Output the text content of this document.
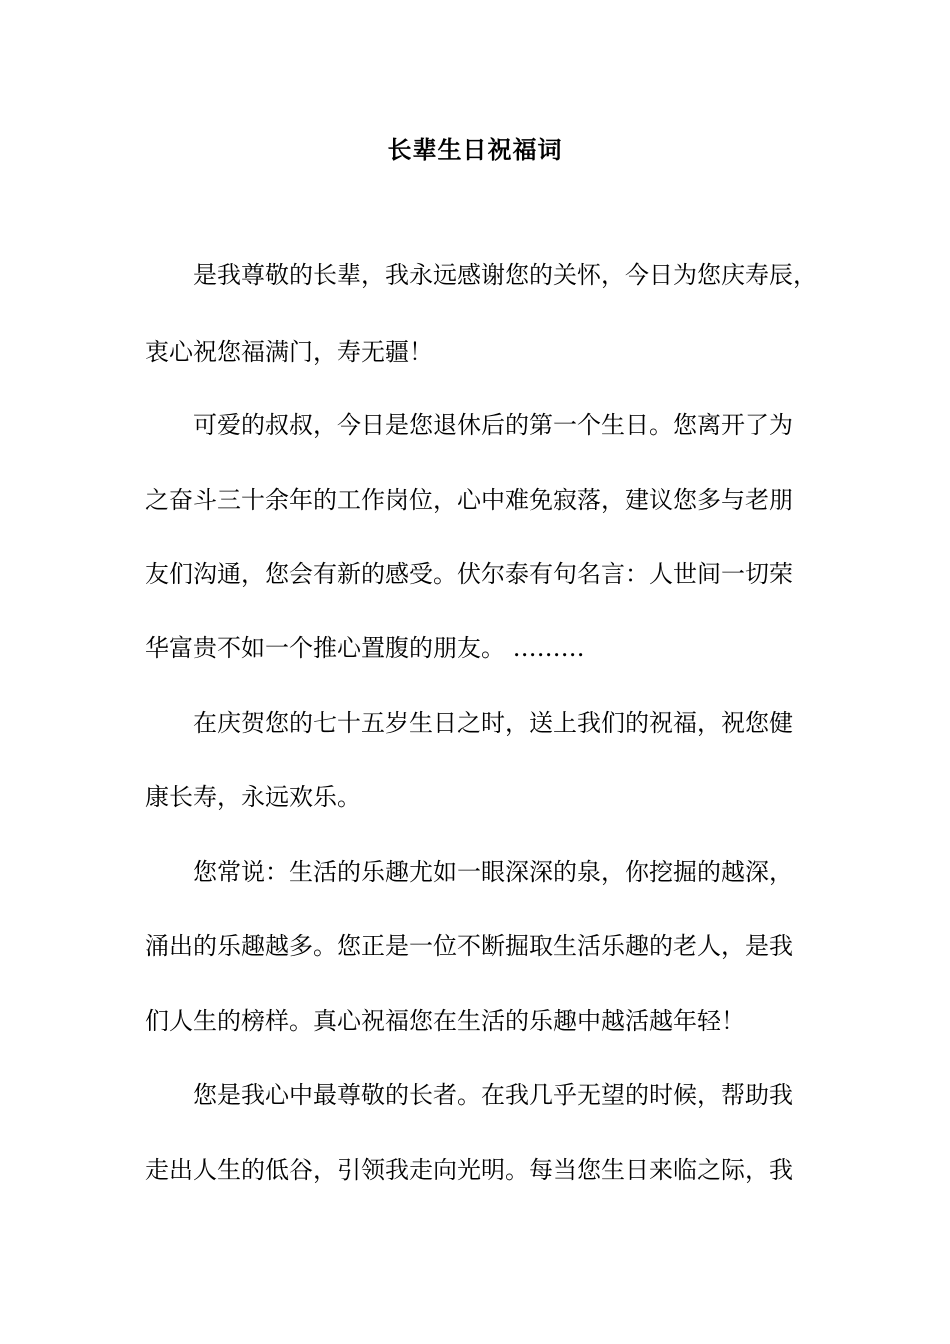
长辈生日祝福词
是我尊敬的长辈，我永远感谢您的关怀，今日为您庆寿辰，
衷心祝您福满门，寿无疆！
可爱的叔叔，今日是您退休后的第一个生日。您离开了为
之奋斗三十余年的工作岗位，心中难免寂落，建议您多与老朋
友们沟通，您会有新的感受。伏尔泰有句名言：人世间一切荣
华富贵不如一个推心置腹的朋友。 ………
在庆贺您的七十五岁生日之时，送上我们的祝福，祝您健
康长寿，永远欢乐。
您常说：生活的乐趣尤如一眼深深的泉，你挖掘的越深，
涌出的乐趣越多。您正是一位不断掘取生活乐趣的老人，是我
们人生的榜样。真心祝福您在生活的乐趣中越活越年轻！
您是我心中最尊敬的长者。在我几乎无望的时候，帮助我
走出人生的低谷，引领我走向光明。每当您生日来临之际，我
